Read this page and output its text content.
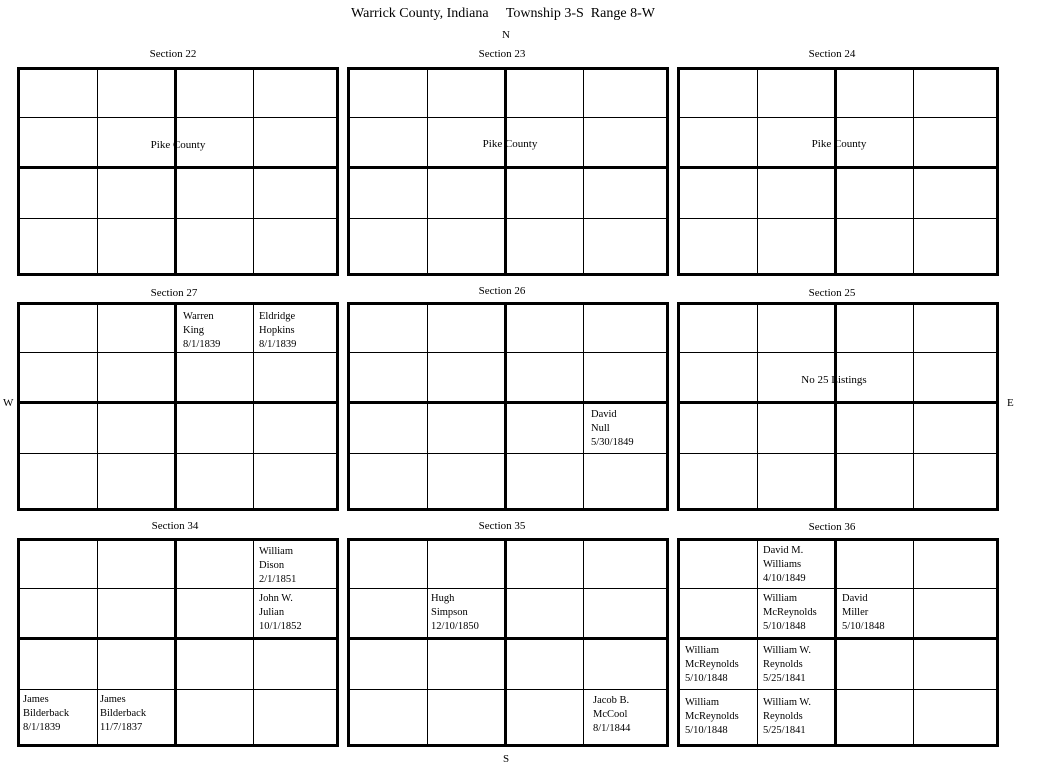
Warrick County, Indiana     Township 3-S  Range 8-W
N
S
W	E
Section 22
Pike County
Section 23
Pike County
Section 24
Pike County
Section 27
Warren
King
8/1/1839
Eldridge
Hopkins
8/1/1839
Section 26
David
Null
5/30/1849
Section 25
No 25 Listings
Section 34
William
Dison
2/1/1851
John W.
Julian
10/1/1852
James
Bilderback
8/1/1839
James
Bilderback
11/7/1837
Section 35
Hugh
Simpson
12/10/1850
Jacob B.
McCool
8/1/1844
Section 36
David M.
Williams
4/10/1849
William
McReynolds
5/10/1848
David
Miller
5/10/1848
William
McReynolds
5/10/1848
William W.
Reynolds
5/25/1841
William
McReynolds
5/10/1848
William W.
Reynolds
5/25/1841
